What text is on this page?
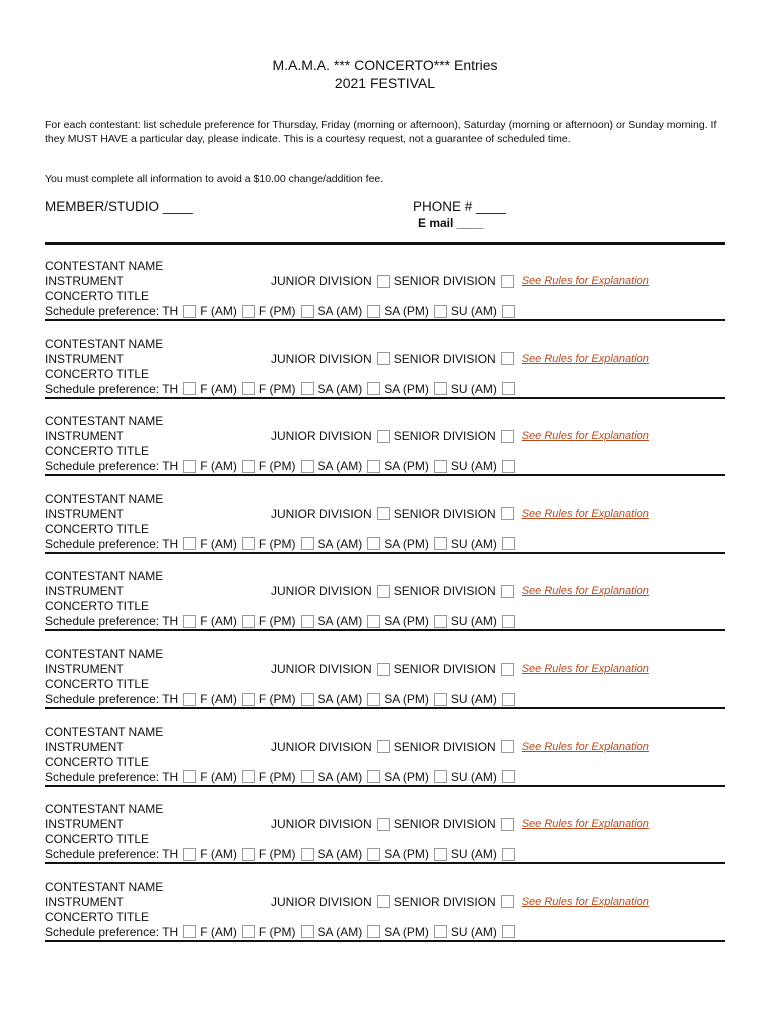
M.A.M.A. *** CONCERTO*** Entries
2021 FESTIVAL
For each contestant: list schedule preference for Thursday, Friday (morning or afternoon), Saturday (morning or afternoon) or Sunday morning. If they MUST HAVE a particular day, please indicate. This is a courtesy request, not a guarantee of scheduled time.
You must complete all information to avoid a $10.00 change/addition fee.
MEMBER/STUDIO ____	PHONE # ____
E mail ____
CONTESTANT NAME
INSTRUMENT
CONCERTO TITLE
JUNIOR DIVISION SENIOR DIVISION See Rules for Explanation
Schedule preference: TH F (AM) F (PM) SA (AM) SA (PM) SU (AM)
CONTESTANT NAME
INSTRUMENT
CONCERTO TITLE
JUNIOR DIVISION SENIOR DIVISION See Rules for Explanation
Schedule preference: TH F (AM) F (PM) SA (AM) SA (PM) SU (AM)
CONTESTANT NAME
INSTRUMENT
CONCERTO TITLE
JUNIOR DIVISION SENIOR DIVISION See Rules for Explanation
Schedule preference: TH F (AM) F (PM) SA (AM) SA (PM) SU (AM)
CONTESTANT NAME
INSTRUMENT
CONCERTO TITLE
JUNIOR DIVISION SENIOR DIVISION See Rules for Explanation
Schedule preference: TH F (AM) F (PM) SA (AM) SA (PM) SU (AM)
CONTESTANT NAME
INSTRUMENT
CONCERTO TITLE
JUNIOR DIVISION SENIOR DIVISION See Rules for Explanation
Schedule preference: TH F (AM) F (PM) SA (AM) SA (PM) SU (AM)
CONTESTANT NAME
INSTRUMENT
CONCERTO TITLE
JUNIOR DIVISION SENIOR DIVISION See Rules for Explanation
Schedule preference: TH F (AM) F (PM) SA (AM) SA (PM) SU (AM)
CONTESTANT NAME
INSTRUMENT
CONCERTO TITLE
JUNIOR DIVISION SENIOR DIVISION See Rules for Explanation
Schedule preference: TH F (AM) F (PM) SA (AM) SA (PM) SU (AM)
CONTESTANT NAME
INSTRUMENT
CONCERTO TITLE
JUNIOR DIVISION SENIOR DIVISION See Rules for Explanation
Schedule preference: TH F (AM) F (PM) SA (AM) SA (PM) SU (AM)
CONTESTANT NAME
INSTRUMENT
CONCERTO TITLE
JUNIOR DIVISION SENIOR DIVISION See Rules for Explanation
Schedule preference: TH F (AM) F (PM) SA (AM) SA (PM) SU (AM)
